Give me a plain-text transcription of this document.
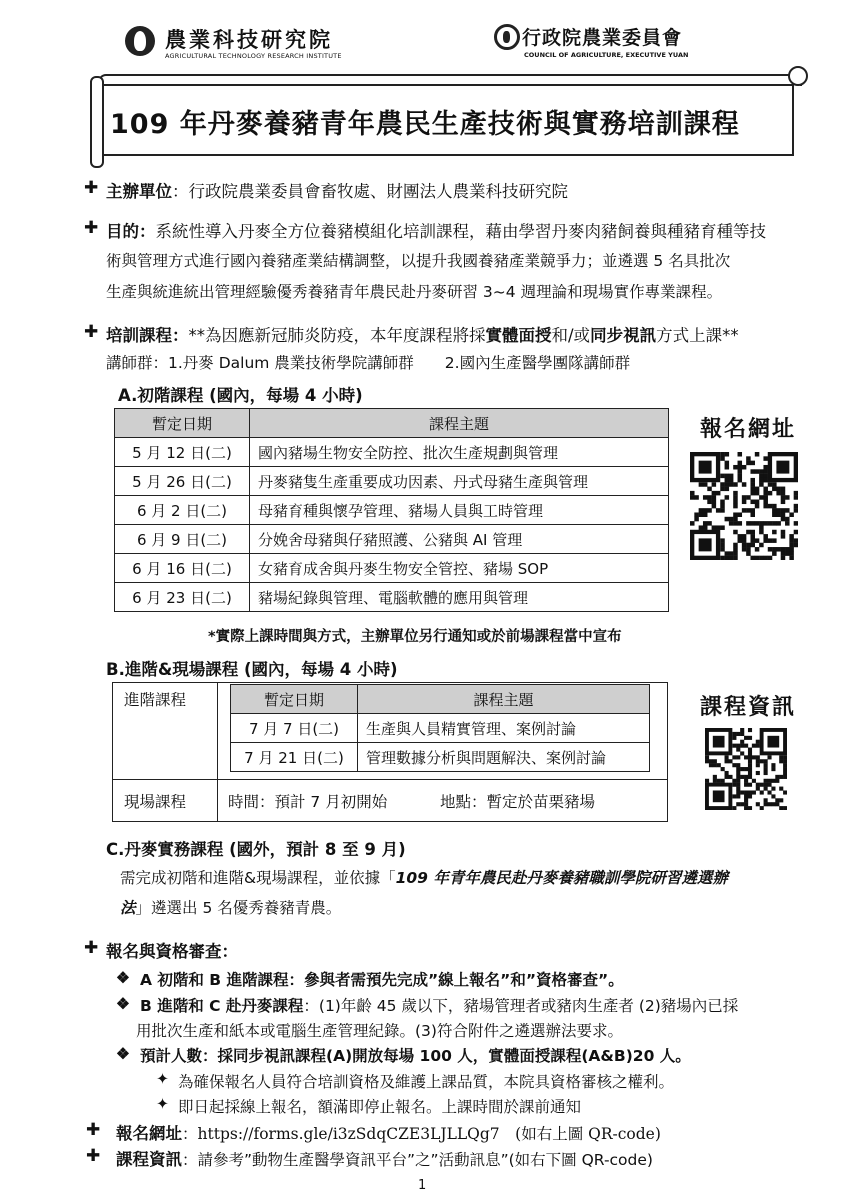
農業科技研究院
AGRICULTURAL TECHNOLOGY RESEARCH INSTITUTE
行政院農業委員會
COUNCIL OF AGRICULTURE, EXECUTIVE YUAN
109 年丹麥養豬青年農民生產技術與實務培訓課程
✚ 主辦單位：行政院農業委員會畜牧處、財團法人農業科技研究院
✚ 目的：系統性導入丹麥全方位養豬模組化培訓課程，藉由學習丹麥肉豬飼養與種豬育種等技
術與管理方式進行國內養豬產業結構調整，以提升我國養豬產業競爭力；並遴選 5 名具批次
生產與統進統出管理經驗優秀養豬青年農民赴丹麥研習 3~4 週理論和現場實作專業課程。
✚ 培訓課程：**為因應新冠肺炎防疫，本年度課程將採實體面授和/或同步視訊方式上課**
講師群：1.丹麥 Dalum 農業技術學院講師群　　2.國內生產醫學團隊講師群
A.初階課程 (國內，每場 4 小時)
暫定日期	課程主題
5 月 12 日(二)	國內豬場生物安全防控、批次生產規劃與管理
5 月 26 日(二)	丹麥豬隻生產重要成功因素、丹式母豬生產與管理
6 月 2 日(二)	母豬育種與懷孕管理、豬場人員與工時管理
6 月 9 日(二)	分娩舍母豬與仔豬照護、公豬與 AI 管理
6 月 16 日(二)	女豬育成舍與丹麥生物安全管控、豬場 SOP
6 月 23 日(二)	豬場紀錄與管理、電腦軟體的應用與管理
*實際上課時間與方式，主辦單位另行通知或於前場課程當中宣布
報名網址
B.進階&現場課程 (國內，每場 4 小時)
進階課程	暫定日期	課程主題
7 月 7 日(二)	生產與人員精實管理、案例討論
7 月 21 日(二)	管理數據分析與問題解決、案例討論
現場課程	時間：預計 7 月初開始	地點：暫定於苗栗豬場
課程資訊
C.丹麥實務課程 (國外，預計 8 至 9 月)
需完成初階和進階&現場課程，並依據「109 年青年農民赴丹麥養豬職訓學院研習遴選辦
法」遴選出 5 名優秀養豬青農。
✚ 報名與資格審查：
❖ A 初階和 B 進階課程：參與者需預先完成”線上報名”和”資格審查”。
❖ B 進階和 C 赴丹麥課程：(1)年齡 45 歲以下，豬場管理者或豬肉生產者 (2)豬場內已採
用批次生產和紙本或電腦生產管理紀錄。(3)符合附件之遴選辦法要求。
❖ 預計人數：採同步視訊課程(A)開放每場 100 人，實體面授課程(A&B)20 人。
✦ 為確保報名人員符合培訓資格及維護上課品質，本院具資格審核之權利。
✦ 即日起採線上報名，額滿即停止報名。上課時間於課前通知
✚ 報名網址：https://forms.gle/i3zSdqCZE3LJLLQg7　(如右上圖 QR-code)
✚ 課程資訊：請參考”動物生產醫學資訊平台”之”活動訊息”(如右下圖 QR-code)
1
